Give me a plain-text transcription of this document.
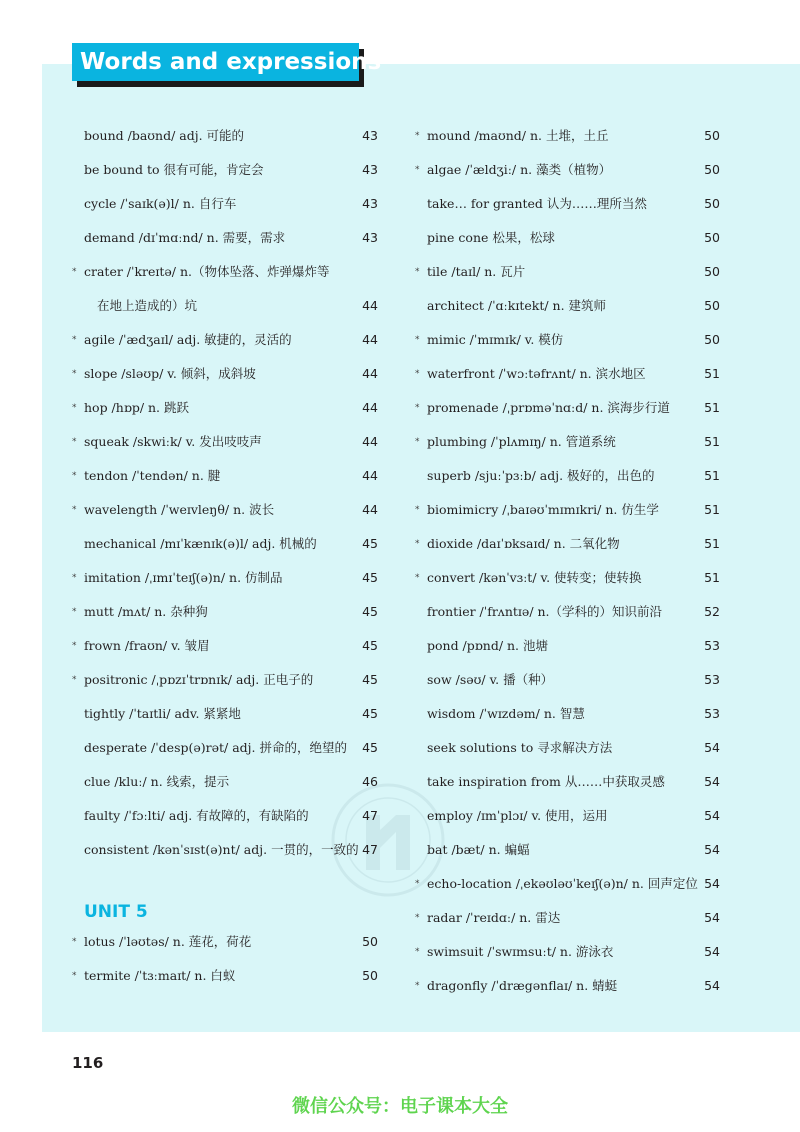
Words and expressions
bound /baʊnd/ adj. 可能的	43
be bound to 很有可能，肯定会	43
cycle /ˈsaɪk(ə)l/ n. 自行车	43
demand /dɪˈmɑːnd/ n. 需要，需求	43
* crater /ˈkreɪtə/ n.（物体坠落、炸弹爆炸等
在地上造成的）坑	44
* agile /ˈædʒaɪl/ adj. 敏捷的，灵活的	44
* slope /sləʊp/ v. 倾斜，成斜坡	44
* hop /hɒp/ n. 跳跃	44
* squeak /skwiːk/ v. 发出吱吱声	44
* tendon /ˈtendən/ n. 腱	44
* wavelength /ˈweɪvleŋθ/ n. 波长	44
mechanical /mɪˈkænɪk(ə)l/ adj. 机械的	45
* imitation /ˌɪmɪˈteɪʃ(ə)n/ n. 仿制品	45
* mutt /mʌt/ n. 杂种狗	45
* frown /fraʊn/ v. 皱眉	45
* positronic /ˌpɒzɪˈtrɒnɪk/ adj. 正电子的	45
tightly /ˈtaɪtli/ adv. 紧紧地	45
desperate /ˈdesp(ə)rət/ adj. 拼命的，绝望的	45
clue /kluː/ n. 线索，提示	46
faulty /ˈfɔːlti/ adj. 有故障的，有缺陷的	47
consistent /kənˈsɪst(ə)nt/ adj. 一贯的，一致的 47
UNIT 5
* lotus /ˈləʊtəs/ n. 莲花，荷花	50
* termite /ˈtɜːmaɪt/ n. 白蚁	50
* mound /maʊnd/ n. 土堆，土丘	50
* algae /ˈældʒiː/ n. 藻类（植物）	50
take… for granted 认为……理所当然	50
pine cone 松果，松球	50
* tile /taɪl/ n. 瓦片	50
architect /ˈɑːkɪtekt/ n. 建筑师	50
* mimic /ˈmɪmɪk/ v. 模仿	50
* waterfront /ˈwɔːtəfrʌnt/ n. 滨水地区	51
* promenade /ˌprɒməˈnɑːd/ n. 滨海步行道	51
* plumbing /ˈplʌmɪŋ/ n. 管道系统	51
superb /sjuːˈpɜːb/ adj. 极好的，出色的	51
* biomimicry /ˌbaɪəʊˈmɪmɪkri/ n. 仿生学	51
* dioxide /daɪˈɒksaɪd/ n. 二氧化物	51
* convert /kənˈvɜːt/ v. 使转变；使转换	51
frontier /ˈfrʌntɪə/ n.（学科的）知识前沿	52
pond /pɒnd/ n. 池塘	53
sow /səʊ/ v. 播（种）	53
wisdom /ˈwɪzdəm/ n. 智慧	53
seek solutions to 寻求解决方法	54
take inspiration from 从……中获取灵感	54
employ /ɪmˈplɔɪ/ v. 使用，运用	54
bat /bæt/ n. 蝙蝠	54
* echo-location /ˌekəʊləʊˈkeɪʃ(ə)n/ n. 回声定位 54
* radar /ˈreɪdɑː/ n. 雷达	54
* swimsuit /ˈswɪmsuːt/ n. 游泳衣	54
* dragonfly /ˈdrægənflaɪ/ n. 蜻蜓	54
116
微信公众号：电子课本大全
